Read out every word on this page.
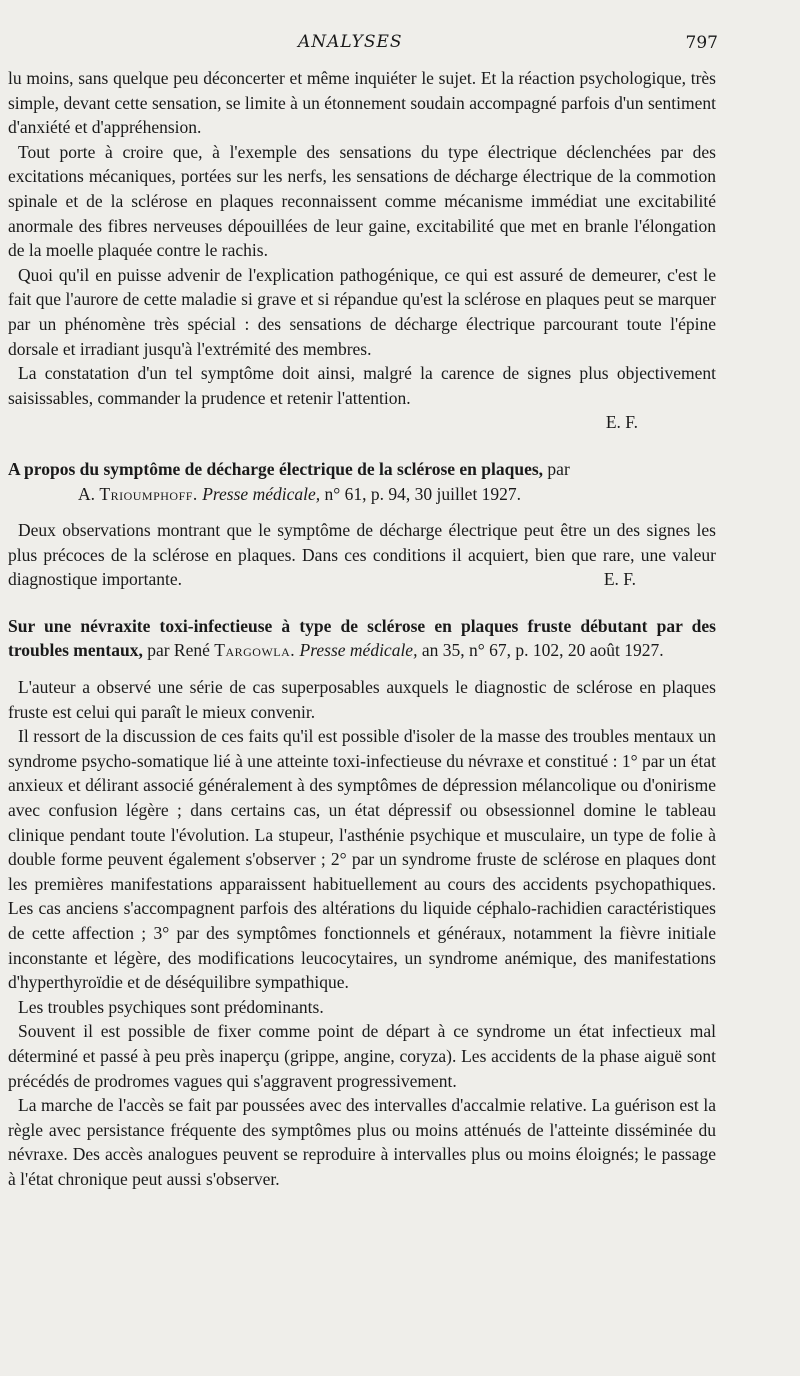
ANALYSES	797

lu moins, sans quelque peu déconcerter et même inquiéter le sujet. Et la réaction psychologique, très simple, devant cette sensation, se limite à un étonnement soudain accompagné parfois d'un sentiment d'anxiété et d'appréhension.

Tout porte à croire que, à l'exemple des sensations du type électrique déclenchées par des excitations mécaniques, portées sur les nerfs, les sensations de décharge électrique de la commotion spinale et de la sclérose en plaques reconnaissent comme mécanisme immédiat une excitabilité anormale des fibres nerveuses dépouillées de leur gaine, excitabilité que met en branle l'élongation de la moelle plaquée contre le rachis.

Quoi qu'il en puisse advenir de l'explication pathogénique, ce qui est assuré de demeurer, c'est le fait que l'aurore de cette maladie si grave et si répandue qu'est la sclérose en plaques peut se marquer par un phénomène très spécial : des sensations de décharge électrique parcourant toute l'épine dorsale et irradiant jusqu'à l'extrémité des membres.

La constatation d'un tel symptôme doit ainsi, malgré la carence de signes plus objectivement saisissables, commander la prudence et retenir l'attention.

E. F.

A propos du symptôme de décharge électrique de la sclérose en plaques, par

A. Trioumphoff. Presse médicale, n° 61, p. 94, 30 juillet 1927.

Deux observations montrant que le symptôme de décharge électrique peut être un des signes les plus précoces de la sclérose en plaques. Dans ces conditions il acquiert, bien que rare, une valeur diagnostique importante.	E. F.

Sur une névraxite toxi-infectieuse à type de sclérose en plaques fruste débutant par des troubles mentaux, par René Targowla. Presse médicale, an 35, n° 67, p. 102, 20 août 1927.

L'auteur a observé une série de cas superposables auxquels le diagnostic de sclérose en plaques fruste est celui qui paraît le mieux convenir.

Il ressort de la discussion de ces faits qu'il est possible d'isoler de la masse des troubles mentaux un syndrome psycho-somatique lié à une atteinte toxi-infectieuse du névraxe et constitué : 1° par un état anxieux et délirant associé généralement à des symptômes de dépression mélancolique ou d'onirisme avec confusion légère ; dans certains cas, un état dépressif ou obsessionnel domine le tableau clinique pendant toute l'évolution. La stupeur, l'asthénie psychique et musculaire, un type de folie à double forme peuvent également s'observer ; 2° par un syndrome fruste de sclérose en plaques dont les premières manifestations apparaissent habituellement au cours des accidents psychopathiques. Les cas anciens s'accompagnent parfois des altérations du liquide céphalo-rachidien caractéristiques de cette affection ; 3° par des symptômes fonctionnels et généraux, notamment la fièvre initiale inconstante et légère, des modifications leucocytaires, un syndrome anémique, des manifestations d'hyperthyroïdie et de déséquilibre sympathique.

Les troubles psychiques sont prédominants.

Souvent il est possible de fixer comme point de départ à ce syndrome un état infectieux mal déterminé et passé à peu près inaperçu (grippe, angine, coryza). Les accidents de la phase aiguë sont précédés de prodromes vagues qui s'aggravent progressivement.

La marche de l'accès se fait par poussées avec des intervalles d'accalmie relative. La guérison est la règle avec persistance fréquente des symptômes plus ou moins atténués de l'atteinte disséminée du névraxe. Des accès analogues peuvent se reproduire à intervalles plus ou moins éloignés; le passage à l'état chronique peut aussi s'observer.
